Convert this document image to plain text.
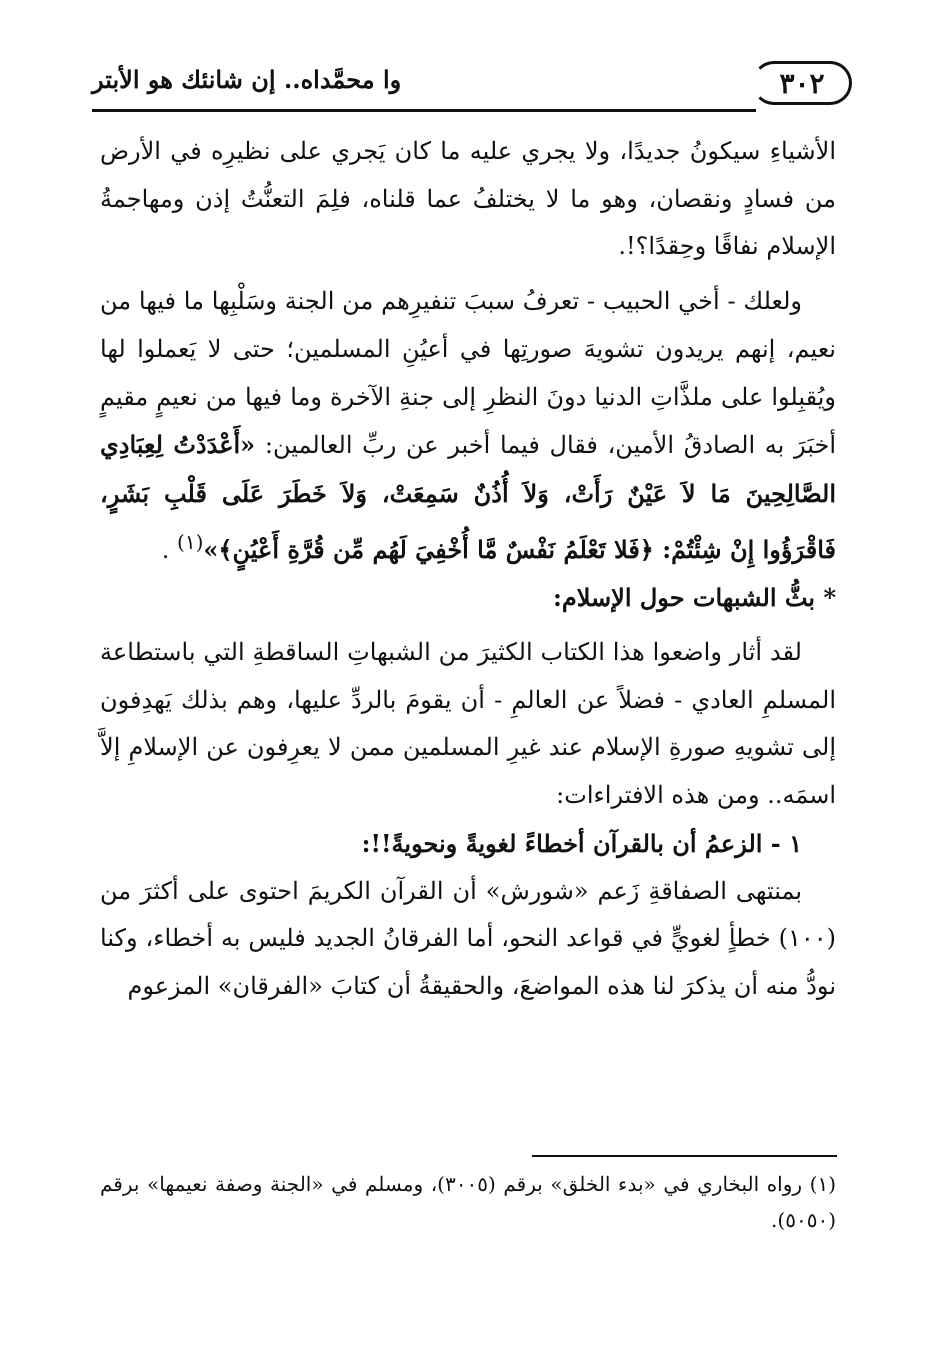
٣٠٢
وا محمَّداه.. إن شانئك هو الأبتر

الأشياءِ سيكونُ جديدًا، ولا يجري عليه ما كان يَجري على نظيرِه في الأرض من فسادٍ ونقصان، وهو ما لا يختلفُ عما قلناه، فلِمَ التعنُّتُ إذن ومهاجمةُ الإسلام نفاقًا وحِقدًا؟!.

ولعلك - أخي الحبيب - تعرفُ سببَ تنفيرِهم من الجنة وسَلْبِها ما فيها من نعيم، إنهم يريدون تشويهَ صورتِها في أعيُنِ المسلمين؛ حتى لا يَعملوا لها ويُقبِلوا على ملذَّاتِ الدنيا دونَ النظرِ إلى جنةِ الآخرة وما فيها من نعيمٍ مقيمٍ أخبَرَ به الصادقُ الأمين، فقال فيما أخبر عن ربِّ العالمين: «أَعْدَدْتُ لِعِبَادِي الصَّالِحِينَ مَا لاَ عَيْنٌ رَأَتْ، وَلاَ أُذُنٌ سَمِعَتْ، وَلاَ خَطَرَ عَلَى قَلْبِ بَشَرٍ، فَاقْرَؤُوا إِنْ شِئْتُمْ: ﴿فَلا تَعْلَمُ نَفْسٌ مَّا أُخْفِيَ لَهُم مِّن قُرَّةِ أَعْيُنٍ﴾»$^{(١)}$ .

* بثُّ الشبهات حول الإسلام:

لقد أثار واضعوا هذا الكتاب الكثيرَ من الشبهاتِ الساقطةِ التي باستطاعة المسلمِ العادي - فضلاً عن العالمِ - أن يقومَ بالردِّ عليها، وهم بذلك يَهدِفون إلى تشويهِ صورةِ الإسلام عند غيرِ المسلمين ممن لا يعرِفون عن الإسلامِ إلاَّ اسمَه.. ومن هذه الافتراءات:

١ - الزعمُ أن بالقرآن أخطاءً لغويةً ونحويةً!!:

بمنتهى الصفاقةِ زَعم «شورش» أن القرآن الكريمَ احتوى على أكثرَ من (١٠٠) خطأٍ لغويٍّ في قواعد النحو، أما الفرقانُ الجديد فليس به أخطاء، وكنا نودُّ منه أن يذكرَ لنا هذه المواضعَ، والحقيقةُ أن كتابَ «الفرقان» المزعوم

(١) رواه البخاري في «بدء الخلق» برقم (٣٠٠٥)، ومسلم في «الجنة وصفة نعيمها» برقم (٥٠٥٠).
